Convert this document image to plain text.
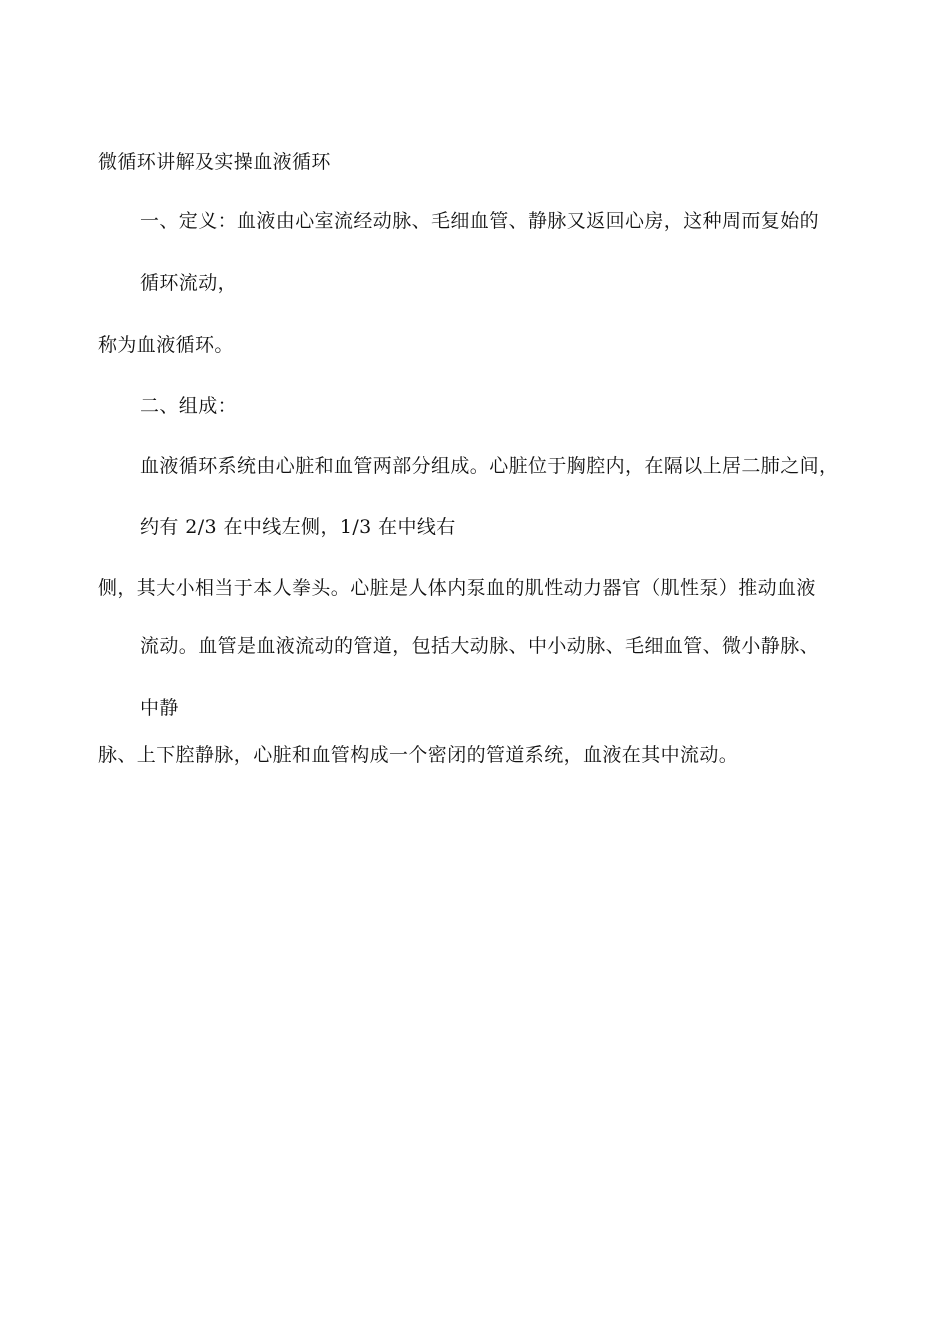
微循环讲解及实操血液循环
一、定义：血液由心室流经动脉、毛细血管、静脉又返回心房，这种周而复始的
循环流动，
称为血液循环。
二、组成：
血液循环系统由心脏和血管两部分组成。心脏位于胸腔内，在隔以上居二肺之间，
约有 2/3 在中线左侧，1/3 在中线右
侧，其大小相当于本人拳头。心脏是人体内泵血的肌性动力器官（肌性泵）推动血液
流动。血管是血液流动的管道，包括大动脉、中小动脉、毛细血管、微小静脉、
中静
脉、上下腔静脉，心脏和血管构成一个密闭的管道系统，血液在其中流动。
